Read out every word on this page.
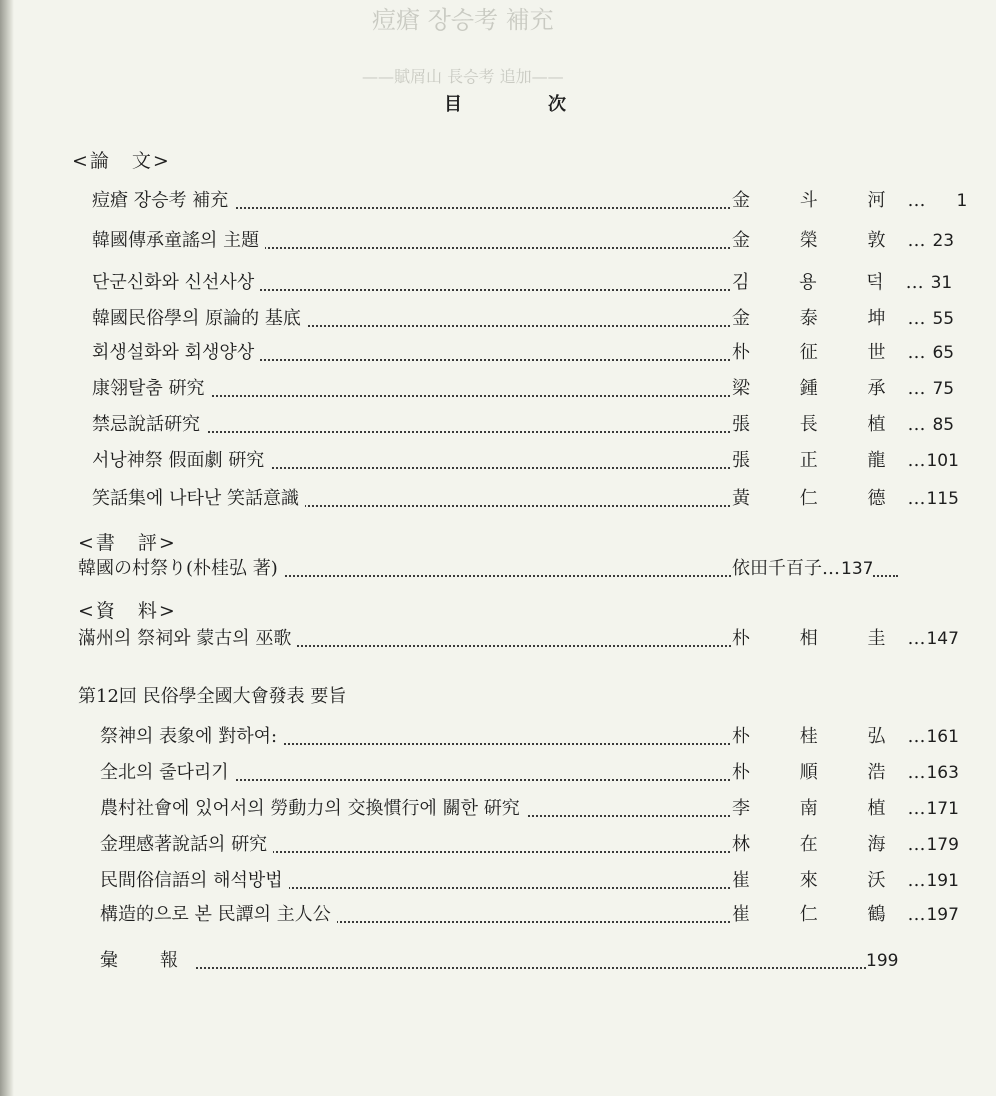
痘瘡 장승考 補充
——賦屑山 長승考 追加——
目　次
<論　文>
<書　評>
<資　料>
第12回 民俗學全國大會發表 要旨
痘瘡 장승考 補充	金 斗 河 … 1
韓國傳承童謠의 主題	金 榮 敦 … 23
단군신화와 신선사상	김 용 덕 … 31
韓國民俗學의 原論的 基底	金 泰 坤 … 55
회생설화와 회생양상	朴 征 世 … 65
康翎탈춤 硏究	梁 鍾 承 … 75
禁忌說話硏究	張 長 植 … 85
서낭神祭 假面劇 硏究	張 正 龍 … 101
笑話集에 나타난 笑話意識	黃 仁 德 … 115
韓國の村祭り(朴桂弘 著)	依田千百子 … 137
滿州의 祭祠와 蒙古의 巫歌	朴 相 圭 … 147
祭神의 表象에 對하여:	朴 桂 弘 … 161
全北의 줄다리기	朴 順 浩 … 163
農村社會에 있어서의 勞動力의 交換慣行에 關한 硏究	李 南 植 … 171
金理感著說話의 硏究	林 在 海 … 179
民間俗信語의 해석방법	崔 來 沃 … 191
構造的으로 본 民譚의 主人公	崔 仁 鶴 … 197
彙　報	199
